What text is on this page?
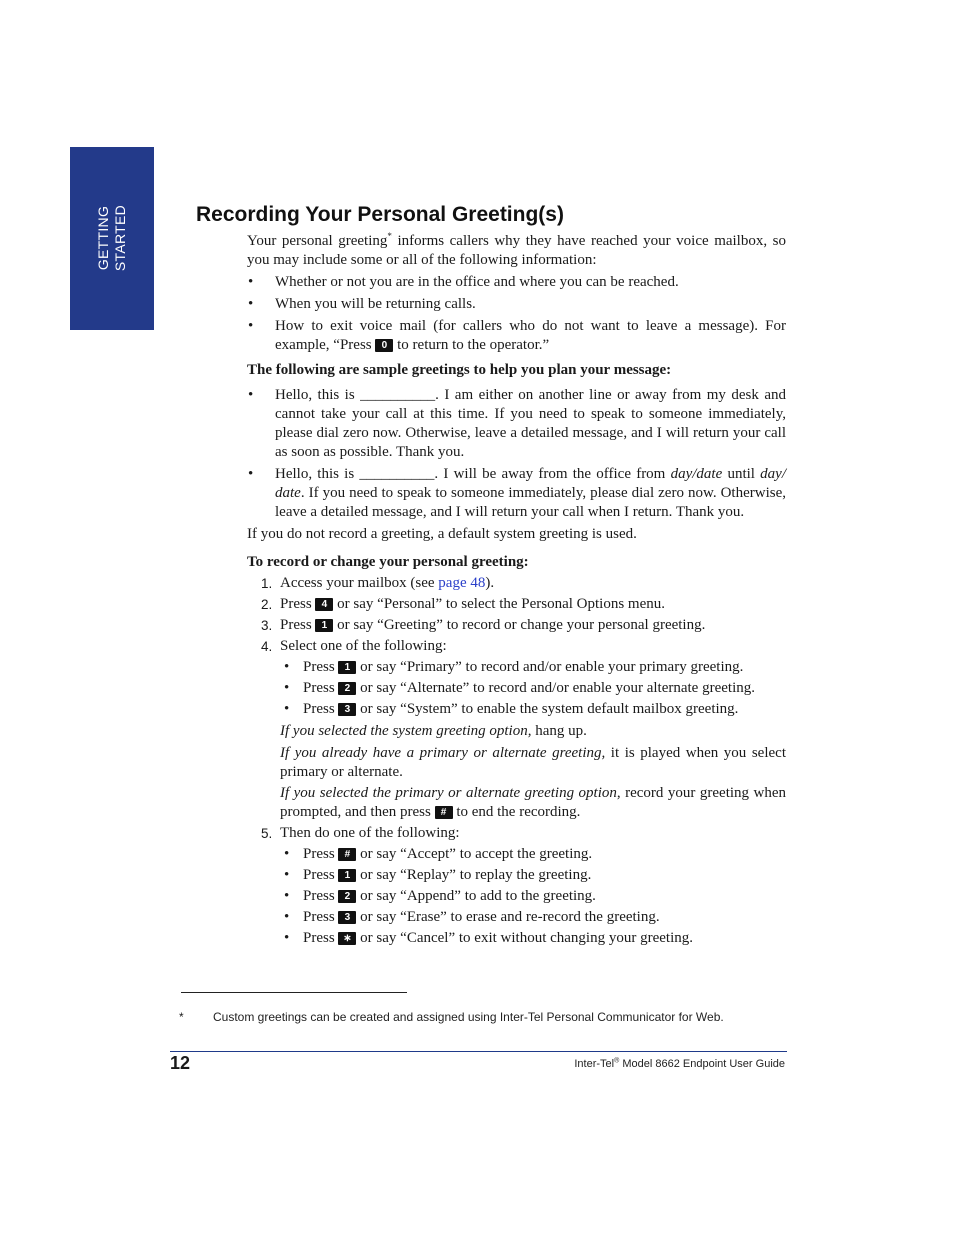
GETTING STARTED	Recording Your Personal Greeting(s)

Your personal greeting* informs callers why they have reached your voice mailbox, so you may include some or all of the following information:

• Whether or not you are in the office and where you can be reached.
• When you will be returning calls.
• How to exit voice mail (for callers who do not want to leave a message). For example, “Press 0 to return to the operator.”

The following are sample greetings to help you plan your message:

• Hello, this is __________. I am either on another line or away from my desk and cannot take your call at this time. If you need to speak to someone immediately, please dial zero now. Otherwise, leave a detailed message, and I will return your call as soon as possible. Thank you.
• Hello, this is __________. I will be away from the office from day/date until day/ date. If you need to speak to someone immediately, please dial zero now. Otherwise, leave a detailed message, and I will return your call when I return. Thank you.

If you do not record a greeting, a default system greeting is used.

To record or change your personal greeting:

1. Access your mailbox (see page 48).
2. Press 4 or say “Personal” to select the Personal Options menu.
3. Press 1 or say “Greeting” to record or change your personal greeting.
4. Select one of the following:
• Press 1 or say “Primary” to record and/or enable your primary greeting.
• Press 2 or say “Alternate” to record and/or enable your alternate greeting.
• Press 3 or say “System” to enable the system default mailbox greeting.

If you selected the system greeting option, hang up.

If you already have a primary or alternate greeting, it is played when you select primary or alternate.

If you selected the primary or alternate greeting option, record your greeting when prompted, and then press # to end the recording.

5. Then do one of the following:
• Press # or say “Accept” to accept the greeting.
• Press 1 or say “Replay” to replay the greeting.
• Press 2 or say “Append” to add to the greeting.
• Press 3 or say “Erase” to erase and re-record the greeting.
• Press ∗ or say “Cancel” to exit without changing your greeting.
* Custom greetings can be created and assigned using Inter-Tel Personal Communicator for Web.
12	Inter-Tel® Model 8662 Endpoint User Guide
